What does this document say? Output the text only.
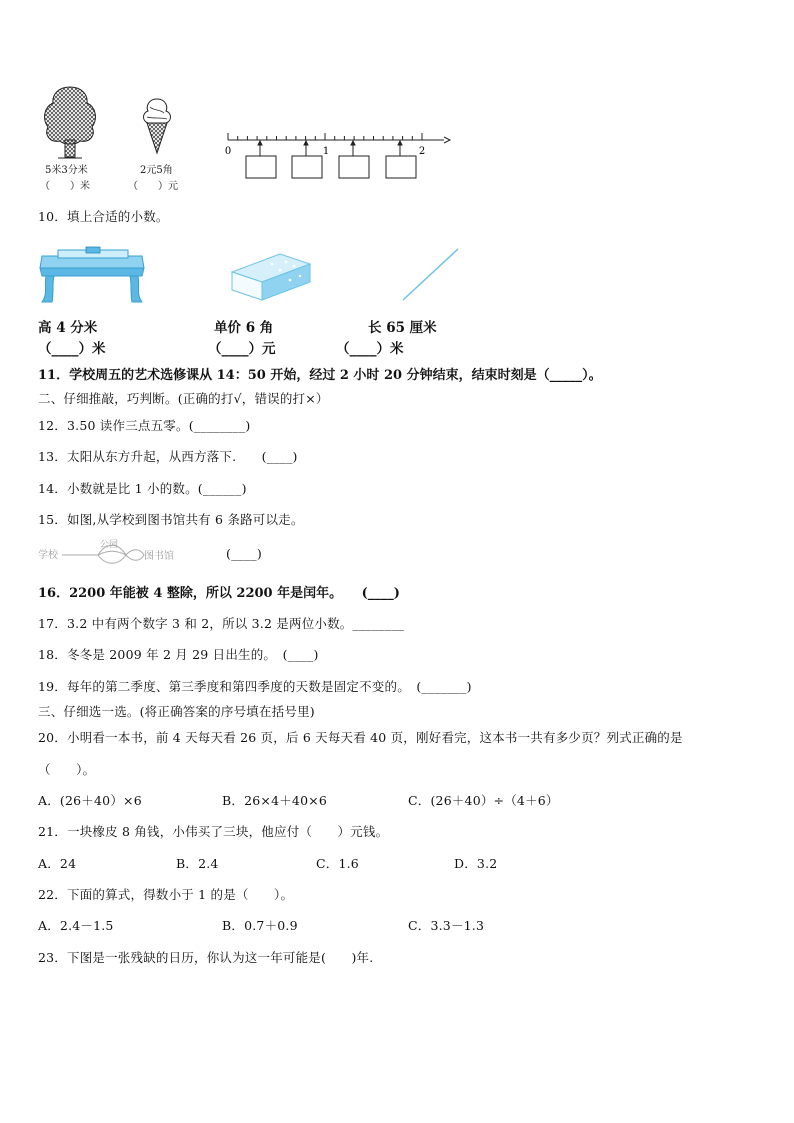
5米3分米
（　　）米
2元5角
（　　）元
0	1	2
10．填上合适的小数。
高 4 分米
（____）米
单价 6 角
（____）元
长 65 厘米
（____）米
11．学校周五的艺术选修课从 14：50 开始，经过 2 小时 20 分钟结束，结束时刻是（_____）。
二、仔细推敲，巧判断。(正确的打√，错误的打×）
12．3.50 读作三点五零。(________)
13．太阳从东方升起，从西方落下.　　(____)
14．小数就是比 1 小的数。(______)
15．如图,从学校到图书馆共有 6 条路可以走。
学校
公园
图书馆	(____)
16．2200 年能被 4 整除，所以 2200 年是闰年。　　(____)
17．3.2 中有两个数字 3 和 2，所以 3.2 是两位小数。________
18．冬冬是 2009 年 2 月 29 日出生的。　(____)
19．每年的第二季度、第三季度和第四季度的天数是固定不变的。　(_______)
三、仔细选一选。(将正确答案的序号填在括号里)
20．小明看一本书，前 4 天每天看 26 页，后 6 天每天看 40 页，刚好看完，这本书一共有多少页？列式正确的是
（　　）。
A．(26＋40）×6	B．26×4＋40×6	C．(26＋40）÷（4＋6）
21．一块橡皮 8 角钱，小伟买了三块，他应付（　　）元钱。
A．24	B．2.4	C．1.6	D．3.2
22．下面的算式，得数小于 1 的是（　　）。
A．2.4－1.5	B．0.7＋0.9	C．3.3－1.3
23．下图是一张残缺的日历，你认为这一年可能是(　　)年.
